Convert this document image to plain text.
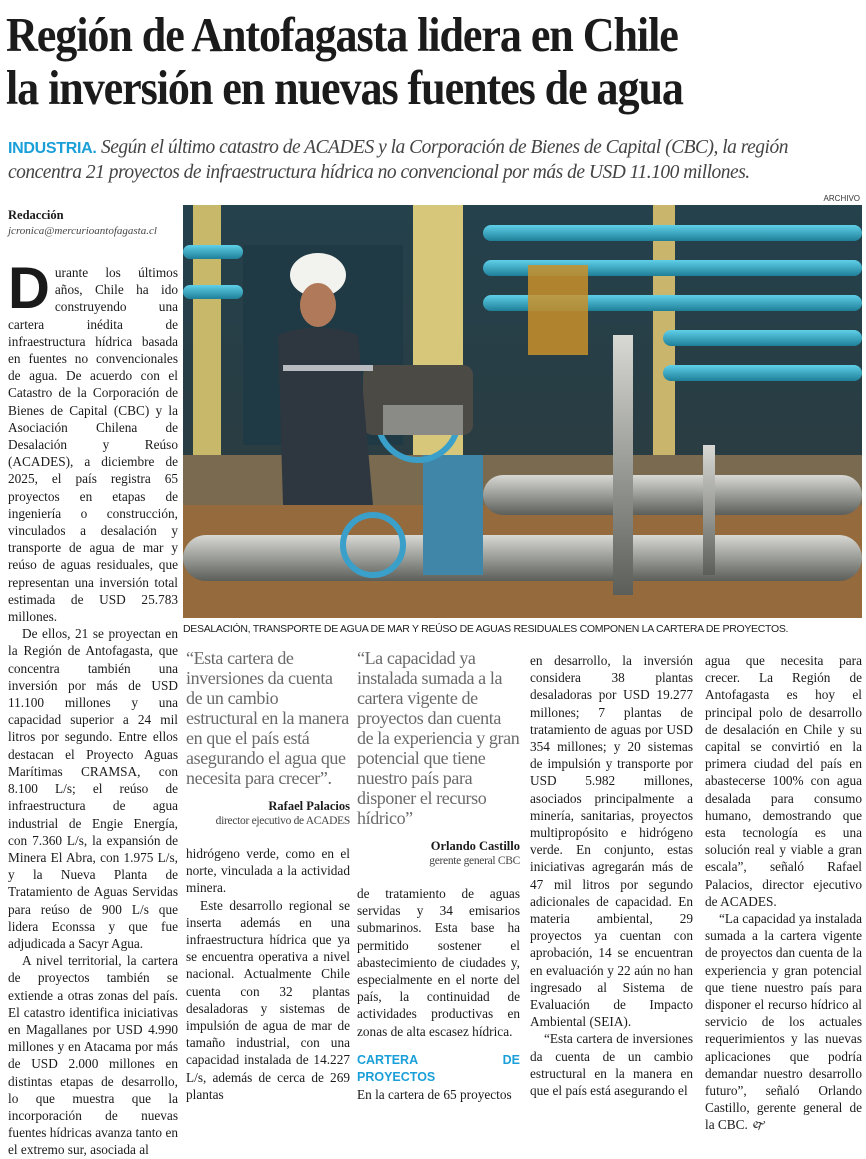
Región de Antofagasta lidera en Chile
la inversión en nuevas fuentes de agua
INDUSTRIA. Según el último catastro de ACADES y la Corporación de Bienes de Capital (CBC), la región concentra 21 proyectos de infraestructura hídrica no convencional por más de USD 11.100 millones.
Redacción
jcronica@mercurioantofagasta.cl
ARCHIVO
DESALACIÓN, TRANSPORTE DE AGUA DE MAR Y REÚSO DE AGUAS RESIDUALES COMPONEN LA CARTERA DE PROYECTOS.

Durante los últimos años, Chile ha ido construyendo una cartera inédita de infraestructura hídrica basada en fuentes no convencionales de agua. De acuerdo con el Catastro de la Corporación de Bienes de Capital (CBC) y la Asociación Chilena de Desalación y Reúso (ACADES), a diciembre de 2025, el país registra 65 proyectos en etapas de ingeniería o construcción, vinculados a desalación y transporte de agua de mar y reúso de aguas residuales, que representan una inversión total estimada de USD 25.783 millones.

De ellos, 21 se proyectan en la Región de Antofagasta, que concentra también una inversión por más de USD 11.100 millones y una capacidad superior a 24 mil litros por segundo. Entre ellos destacan el Proyecto Aguas Marítimas CRAMSA, con 8.100 L/s; el reúso de infraestructura de agua industrial de Engie Energía, con 7.360 L/s, la expansión de Minera El Abra, con 1.975 L/s, y la Nueva Planta de Tratamiento de Aguas Servidas para reúso de 900 L/s que lidera Econssa y que fue adjudicada a Sacyr Agua.

A nivel territorial, la cartera de proyectos también se extiende a otras zonas del país. El catastro identifica iniciativas en Magallanes por USD 4.990 millones y en Atacama por más de USD 2.000 millones en distintas etapas de desarrollo, lo que muestra que la incorporación de nuevas fuentes hídricas avanza tanto en el extremo sur, asociada al

“Esta cartera de inversiones da cuenta de un cambio estructural en la manera en que el país está asegurando el agua que necesita para crecer”.
Rafael Palacios
director ejecutivo de ACADES

hidrógeno verde, como en el norte, vinculada a la actividad minera.

Este desarrollo regional se inserta además en una infraestructura hídrica que ya se encuentra operativa a nivel nacional. Actualmente Chile cuenta con 32 plantas desaladoras y sistemas de impulsión de agua de mar de tamaño industrial, con una capacidad instalada de 14.227 L/s, además de cerca de 269 plantas

“La capacidad ya instalada sumada a la cartera vigente de proyectos dan cuenta de la experiencia y gran potencial que tiene nuestro país para disponer el recurso hídrico”
Orlando Castillo
gerente general CBC

de tratamiento de aguas servidas y 34 emisarios submarinos. Esta base ha permitido sostener el abastecimiento de ciudades y, especialmente en el norte del país, la continuidad de actividades productivas en zonas de alta escasez hídrica.

CARTERA DE PROYECTOS

En la cartera de 65 proyectos

en desarrollo, la inversión considera 38 plantas desaladoras por USD 19.277 millones; 7 plantas de tratamiento de aguas por USD 354 millones; y 20 sistemas de impulsión y transporte por USD 5.982 millones, asociados principalmente a minería, sanitarias, proyectos multipropósito e hidrógeno verde. En conjunto, estas iniciativas agregarán más de 47 mil litros por segundo adicionales de capacidad. En materia ambiental, 29 proyectos ya cuentan con aprobación, 14 se encuentran en evaluación y 22 aún no han ingresado al Sistema de Evaluación de Impacto Ambiental (SEIA).

“Esta cartera de inversiones da cuenta de un cambio estructural en la manera en que el país está asegurando el

agua que necesita para crecer. La Región de Antofagasta es hoy el principal polo de desarrollo de desalación en Chile y su capital se convirtió en la primera ciudad del país en abastecerse 100% con agua desalada para consumo humano, demostrando que esta tecnología es una solución real y viable a gran escala”, señaló Rafael Palacios, director ejecutivo de ACADES.

“La capacidad ya instalada sumada a la cartera vigente de proyectos dan cuenta de la experiencia y gran potencial que tiene nuestro país para disponer el recurso hídrico al servicio de los actuales requerimientos y las nuevas aplicaciones que podría demandar nuestro desarrollo futuro”, señaló Orlando Castillo, gerente general de la CBC. 🙰
